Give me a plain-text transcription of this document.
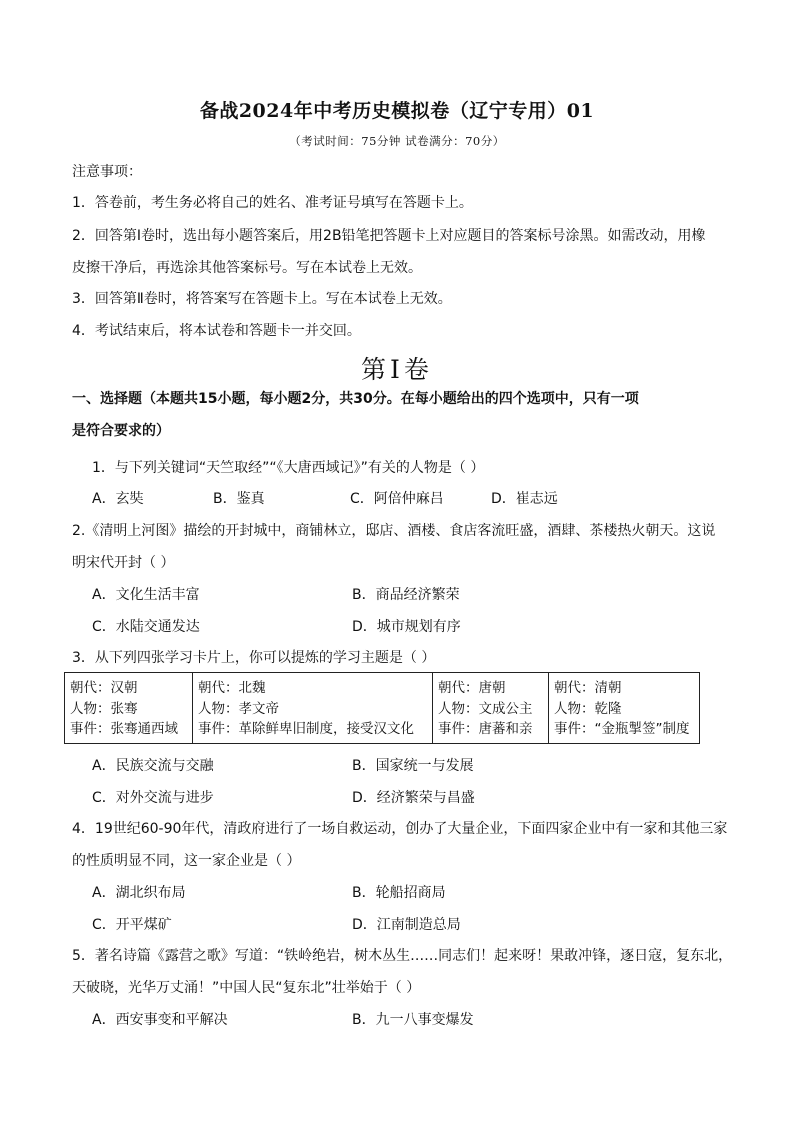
备战2024年中考历史模拟卷（辽宁专用）01
（考试时间：75分钟 试卷满分：70分）
注意事项：
1．答卷前，考生务必将自己的姓名、准考证号填写在答题卡上。
2．回答第Ⅰ卷时，选出每小题答案后，用2B铅笔把答题卡上对应题目的答案标号涂黑。如需改动，用橡
皮擦干净后，再选涂其他答案标号。写在本试卷上无效。
3．回答第Ⅱ卷时，将答案写在答题卡上。写在本试卷上无效。
4．考试结束后，将本试卷和答题卡一并交回。
第Ⅰ卷
一、选择题（本题共15小题，每小题2分，共30分。在每小题给出的四个选项中，只有一项
是符合要求的）
1．与下列关键词“天竺取经”“《大唐西域记》”有关的人物是（ ）
A．玄奘	B．鉴真	C．阿倍仲麻吕	D．崔志远
2.《清明上河图》描绘的开封城中，商铺林立，邸店、酒楼、食店客流旺盛，酒肆、茶楼热火朝天。这说
明宋代开封（ ）
A．文化生活丰富	B．商品经济繁荣
C．水陆交通发达	D．城市规划有序
3．从下列四张学习卡片上，你可以提炼的学习主题是（ ）
朝代：汉朝
人物：张骞
事件：张骞通西域

朝代：北魏
人物：孝文帝
事件：革除鲜卑旧制度，接受汉文化

朝代：唐朝
人物：文成公主
事件：唐蕃和亲

朝代：清朝
人物：乾隆
事件：“金瓶掣签”制度
A．民族交流与交融	B．国家统一与发展
C．对外交流与进步	D．经济繁荣与昌盛
4．19世纪60-90年代，清政府进行了一场自救运动，创办了大量企业，下面四家企业中有一家和其他三家
的性质明显不同，这一家企业是（ ）
A．湖北织布局	B．轮船招商局
C．开平煤矿	D．江南制造总局
5．著名诗篇《露营之歌》写道：“铁岭绝岩，树木丛生……同志们！起来呀！果敢冲锋，逐日寇，复东北，
天破晓，光华万丈涌！”中国人民“复东北”壮举始于（ ）
A．西安事变和平解决	B．九一八事变爆发
